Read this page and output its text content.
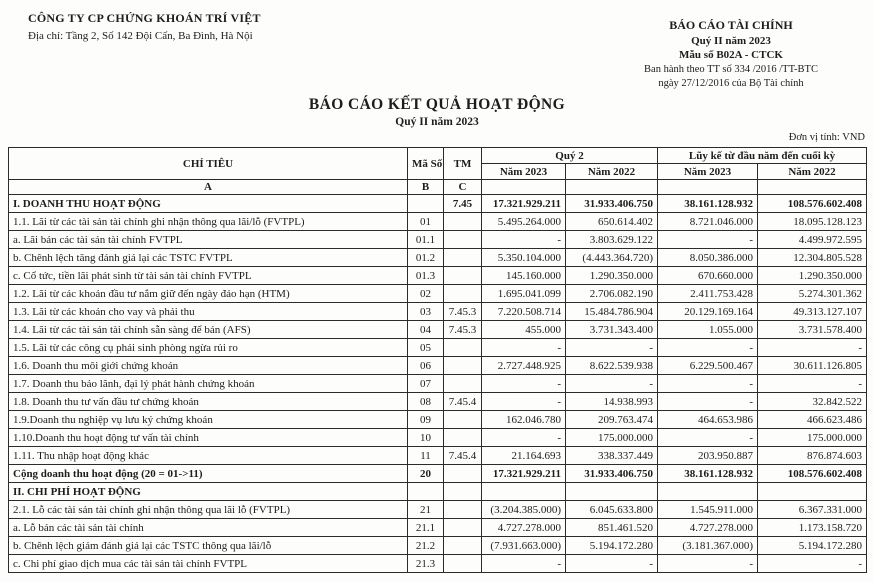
CÔNG TY CP CHỨNG KHOÁN TRÍ VIỆT
Địa chỉ: Tầng 2, Số 142 Đội Cấn, Ba Đình, Hà Nội
BÁO CÁO TÀI CHÍNH
Quý II năm 2023
Mẫu số B02A - CTCK
Ban hành theo TT số 334 /2016 /TT-BTC
ngày 27/12/2016 của Bộ Tài chính
BÁO CÁO KẾT QUẢ HOẠT ĐỘNG
Quý II năm 2023
Đơn vị tính: VND
CHỈ TIÊU	Mã Số	TM	Quý 2		Lũy kế từ đầu năm đến cuối kỳ	
			Năm 2023	Năm 2022	Năm 2023	Năm 2022
A	B	C				
I. DOANH THU HOẠT ĐỘNG		7.45	17.321.929.211	31.933.406.750	38.161.128.932	108.576.602.408
1.1. Lãi từ các tài sản tài chính ghi nhận thông qua lãi/lỗ (FVTPL)	01		5.495.264.000	650.614.402	8.721.046.000	18.095.128.123
a. Lãi bán các tài sản tài chính FVTPL	01.1		-	3.803.629.122	-	4.499.972.595
b. Chênh lệch tăng đánh giá lại các TSTC FVTPL	01.2		5.350.104.000	(4.443.364.720)	8.050.386.000	12.304.805.528
c. Cổ tức, tiền lãi phát sinh từ tài sản tài chính FVTPL	01.3		145.160.000	1.290.350.000	670.660.000	1.290.350.000
1.2. Lãi từ các khoản đầu tư nắm giữ đến ngày đáo hạn (HTM)	02		1.695.041.099	2.706.082.190	2.411.753.428	5.274.301.362
1.3. Lãi từ các khoản cho vay và phải thu	03	7.45.3	7.220.508.714	15.484.786.904	20.129.169.164	49.313.127.107
1.4. Lãi từ các tài sản tài chính sẵn sàng để bán (AFS)	04	7.45.3	455.000	3.731.343.400	1.055.000	3.731.578.400
1.5. Lãi từ các công cụ phái sinh phòng ngừa rủi ro	05		-	-	-	-
1.6. Doanh thu môi giới chứng khoán	06		2.727.448.925	8.622.539.938	6.229.500.467	30.611.126.805
1.7. Doanh thu bảo lãnh, đại lý phát hành chứng khoán	07		-	-	-	-
1.8. Doanh thu tư vấn đầu tư chứng khoán	08	7.45.4	-	14.938.993	-	32.842.522
1.9.Doanh thu nghiệp vụ lưu ký chứng khoán	09		162.046.780	209.763.474	464.653.986	466.623.486
1.10.Doanh thu hoạt động tư vấn tài chính	10		-	175.000.000	-	175.000.000
1.11. Thu nhập hoạt động khác	11	7.45.4	21.164.693	338.337.449	203.950.887	876.874.603
Cộng doanh thu hoạt động (20 = 01->11)	20		17.321.929.211	31.933.406.750	38.161.128.932	108.576.602.408
II. CHI PHÍ HOẠT ĐỘNG						
2.1. Lỗ các tài sản tài chính ghi nhận thông qua lãi lỗ (FVTPL)	21		(3.204.385.000)	6.045.633.800	1.545.911.000	6.367.331.000
a. Lỗ bán các tài sản tài chính	21.1		4.727.278.000	851.461.520	4.727.278.000	1.173.158.720
b. Chênh lệch giảm đánh giá lại các TSTC thông qua lãi/lỗ	21.2		(7.931.663.000)	5.194.172.280	(3.181.367.000)	5.194.172.280
c. Chi phí giao dịch mua các tài sản tài chính FVTPL	21.3		-	-	-	-
